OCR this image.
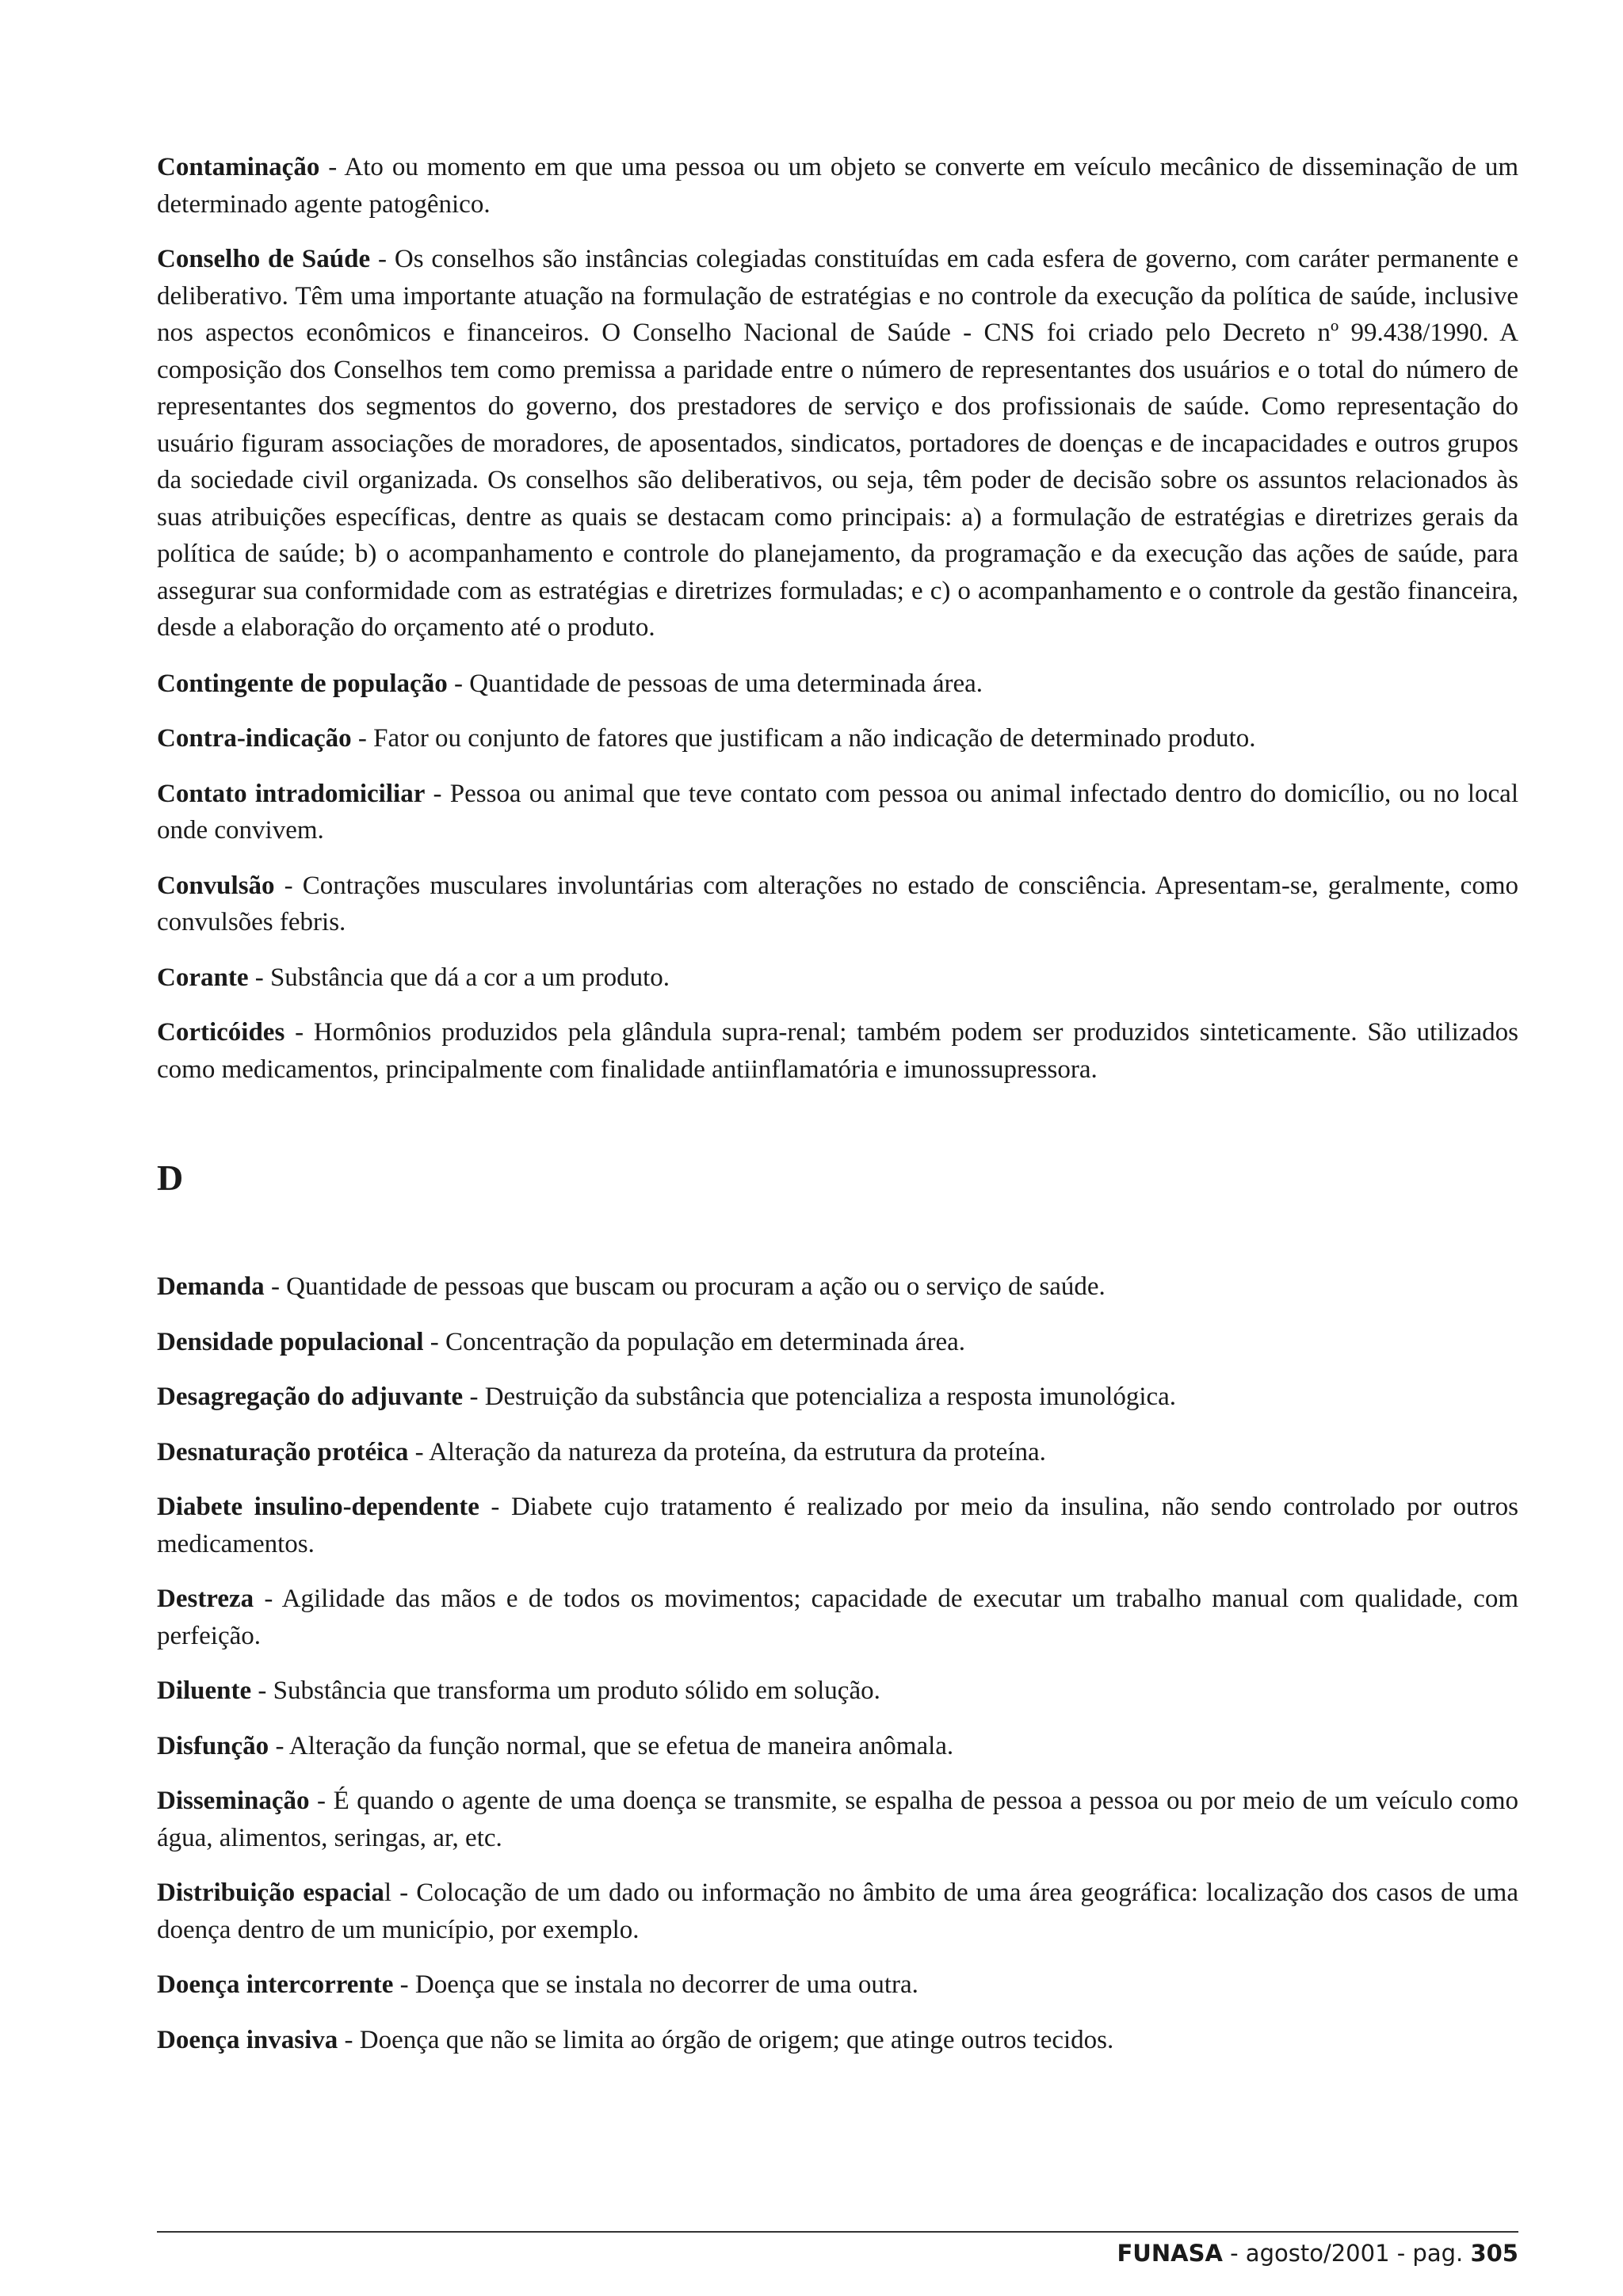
Contaminação - Ato ou momento em que uma pessoa ou um objeto se converte em veículo mecânico de disseminação de um determinado agente patogênico.

Conselho de Saúde - Os conselhos são instâncias colegiadas constituídas em cada esfera de governo, com caráter permanente e deliberativo. Têm uma importante atuação na formulação de estratégias e no controle da execução da política de saúde, inclusive nos aspectos econômicos e financeiros. O Conselho Nacional de Saúde - CNS foi criado pelo Decreto nº 99.438/1990. A composição dos Conselhos tem como premissa a paridade entre o número de representantes dos usuários e o total do número de representantes dos segmentos do governo, dos prestadores de serviço e dos profissionais de saúde. Como representação do usuário figuram associações de moradores, de aposentados, sindicatos, portadores de doenças e de incapacidades e outros grupos da sociedade civil organizada. Os conselhos são deliberativos, ou seja, têm poder de decisão sobre os assuntos relacionados às suas atribuições específicas, dentre as quais se destacam como principais: a) a formulação de estratégias e diretrizes gerais da política de saúde; b) o acompanhamento e controle do planejamento, da programação e da execução das ações de saúde, para assegurar sua conformidade com as estratégias e diretrizes formuladas; e c) o acompanhamento e o controle da gestão financeira, desde a elaboração do orçamento até o produto.

Contingente de população - Quantidade de pessoas de uma determinada área.

Contra-indicação - Fator ou conjunto de fatores que justificam a não indicação de determinado produto.

Contato intradomiciliar - Pessoa ou animal que teve contato com pessoa ou animal infectado dentro do domicílio, ou no local onde convivem.

Convulsão - Contrações musculares involuntárias com alterações no estado de consciência. Apresentam-se, geralmente, como convulsões febris.

Corante - Substância que dá a cor a um produto.

Corticóides - Hormônios produzidos pela glândula supra-renal; também podem ser produzidos sinteticamente. São utilizados como medicamentos, principalmente com finalidade antiinflamatória e imunossupressora.

D

Demanda - Quantidade de pessoas que buscam ou procuram a ação ou o serviço de saúde.

Densidade populacional - Concentração da população em determinada área.

Desagregação do adjuvante - Destruição da substância que potencializa a resposta imunológica.

Desnaturação protéica - Alteração da natureza da proteína, da estrutura da proteína.

Diabete insulino-dependente - Diabete cujo tratamento é realizado por meio da insulina, não sendo controlado por outros medicamentos.

Destreza - Agilidade das mãos e de todos os movimentos; capacidade de executar um trabalho manual com qualidade, com perfeição.

Diluente - Substância que transforma um produto sólido em solução.

Disfunção - Alteração da função normal, que se efetua de maneira anômala.

Disseminação - É quando o agente de uma doença se transmite, se espalha de pessoa a pessoa ou por meio de um veículo como água, alimentos, seringas, ar, etc.

Distribuição espacial - Colocação de um dado ou informação no âmbito de uma área geográfica: localização dos casos de uma doença dentro de um município, por exemplo.

Doença intercorrente - Doença que se instala no decorrer de uma outra.

Doença invasiva - Doença que não se limita ao órgão de origem; que atinge outros tecidos.

FUNASA - agosto/2001 - pag. 305
